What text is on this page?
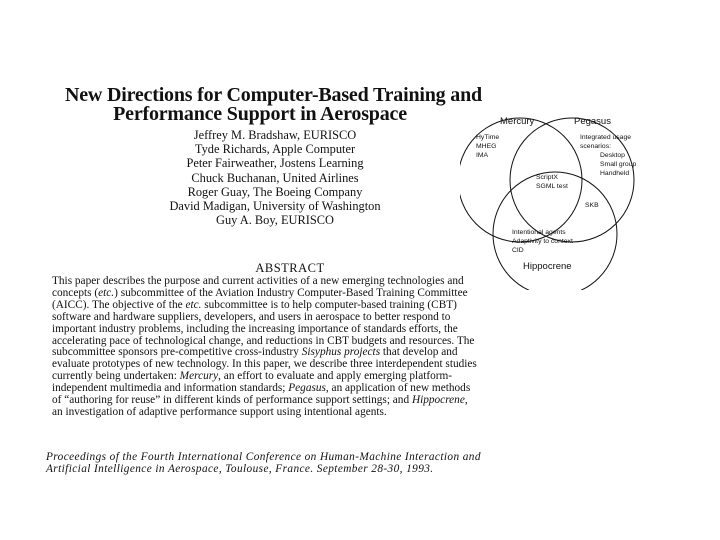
New Directions for Computer-Based Training and
Performance Support in Aerospace
Jeffrey M. Bradshaw, EURISCO
Tyde Richards, Apple Computer
Peter Fairweather, Jostens Learning
Chuck Buchanan, United Airlines
Roger Guay, The Boeing Company
David Madigan, University of Washington
Guy A. Boy, EURISCO
Mercury	Pegasus
Hippocrene
HyTime
MHEG
IMA
Integrated usage
scenarios:
Desktop
Small group
Handheld
ScriptX
SGML test
SKB
Intentional agents
Adaptivity to context
CID
ABSTRACT
This paper describes the purpose and current activities of a new emerging technologies and
concepts (etc.) subcommittee of the Aviation Industry Computer-Based Training Committee
(AICC). The objective of the etc. subcommittee is to help computer-based training (CBT)
software and hardware suppliers, developers, and users in aerospace to better respond to
important industry problems, including the increasing importance of standards efforts, the
accelerating pace of technological change, and reductions in CBT budgets and resources. The
subcommittee sponsors pre-competitive cross-industry Sisyphus projects that develop and
evaluate prototypes of new technology. In this paper, we describe three interdependent studies
currently being undertaken: Mercury, an effort to evaluate and apply emerging platform-
independent multimedia and information standards; Pegasus, an application of new methods
of “authoring for reuse” in different kinds of performance support settings; and Hippocrene,
an investigation of adaptive performance support using intentional agents.
Proceedings of the Fourth International Conference on Human-Machine Interaction and
Artificial Intelligence in Aerospace, Toulouse, France. September 28-30, 1993.
